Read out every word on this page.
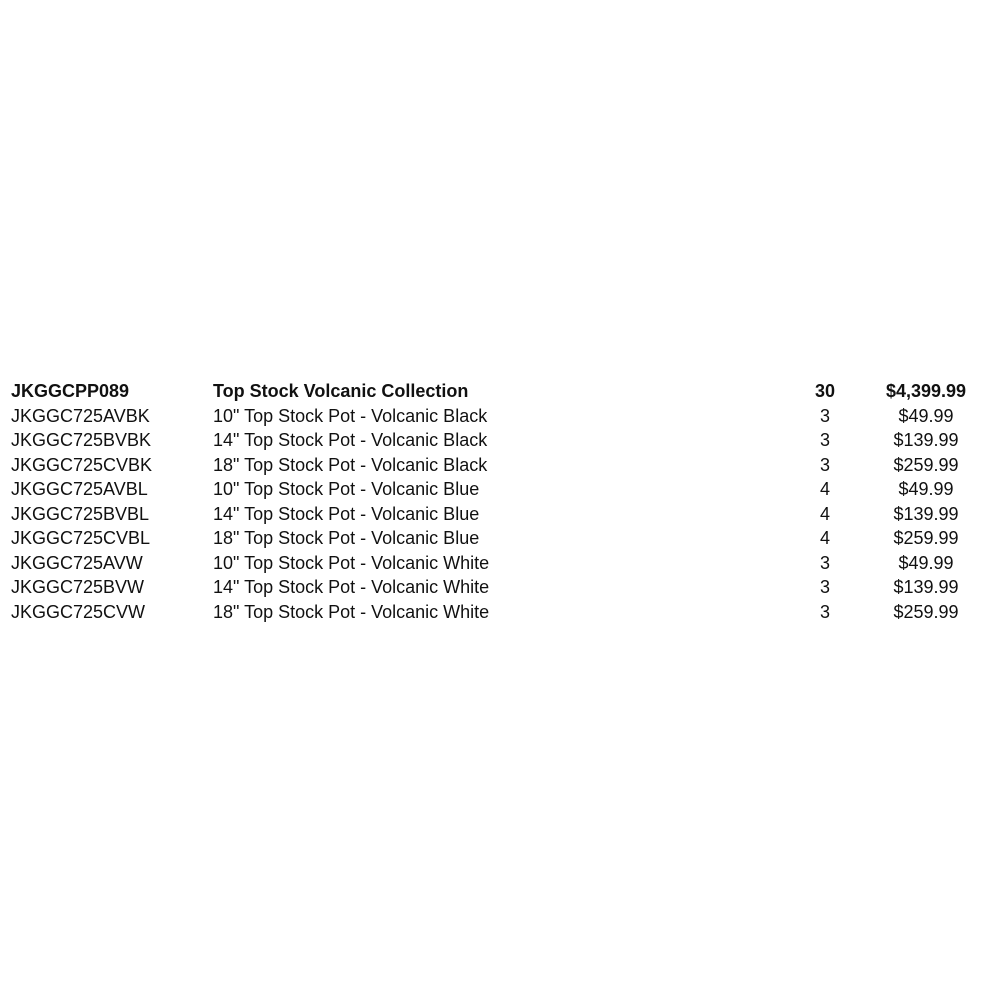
JKGGCPP089	Top Stock Volcanic Collection	30	$4,399.99
JKGGC725AVBK	10" Top Stock Pot - Volcanic Black	3	$49.99
JKGGC725BVBK	14" Top Stock Pot - Volcanic Black	3	$139.99
JKGGC725CVBK	18" Top Stock Pot - Volcanic Black	3	$259.99
JKGGC725AVBL	10" Top Stock Pot - Volcanic Blue	4	$49.99
JKGGC725BVBL	14" Top Stock Pot - Volcanic Blue	4	$139.99
JKGGC725CVBL	18" Top Stock Pot - Volcanic Blue	4	$259.99
JKGGC725AVW	10" Top Stock Pot - Volcanic White	3	$49.99
JKGGC725BVW	14" Top Stock Pot - Volcanic White	3	$139.99
JKGGC725CVW	18" Top Stock Pot - Volcanic White	3	$259.99
